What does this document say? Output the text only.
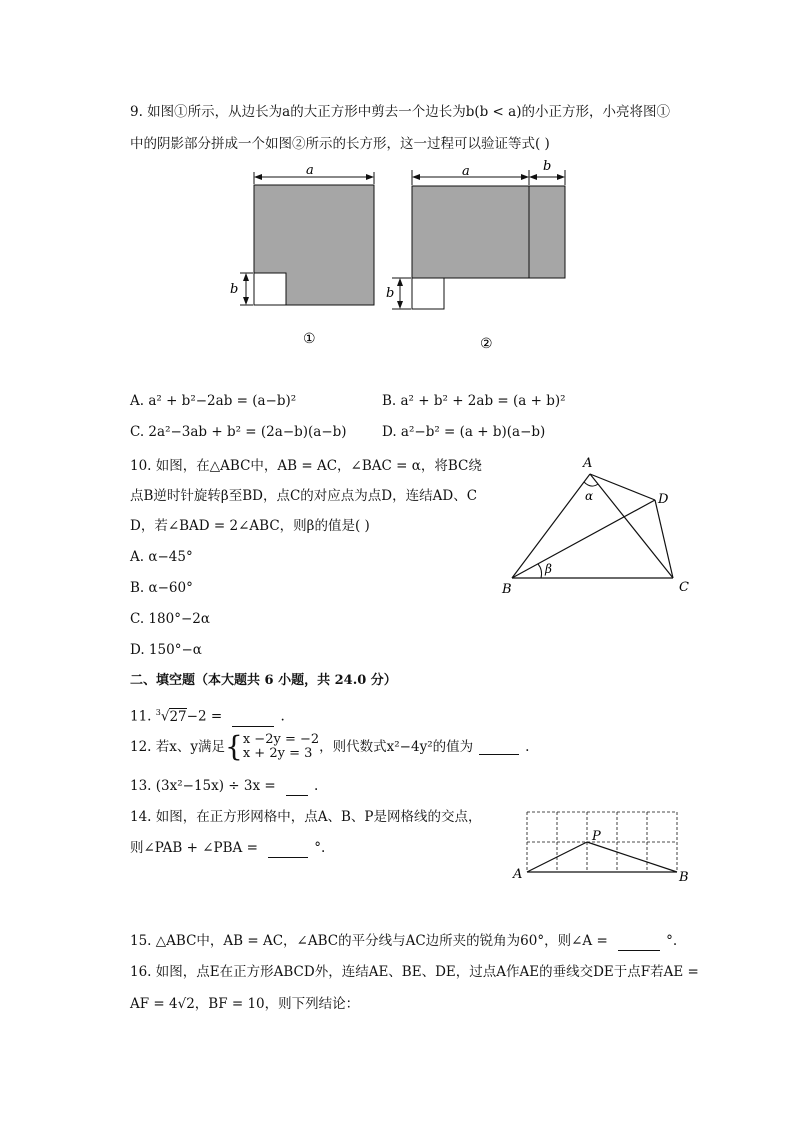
9. 如图①所示，从边长为a的大正方形中剪去一个边长为b(b < a)的小正方形，小亮将图①
中的阴影部分拼成一个如图②所示的长方形，这一过程可以验证等式( )
a
b
①
a	b
b
②
A. a² + b²−2ab = (a−b)²	B. a² + b² + 2ab = (a + b)²
C. 2a²−3ab + b² = (2a−b)(a−b)	D. a²−b² = (a + b)(a−b)
10. 如图，在△ABC中，AB = AC，∠BAC = α，将BC绕
点B逆时针旋转β至BD，点C的对应点为点D，连结AD、C
D，若∠BAD = 2∠ABC，则β的值是( )
A. α−45°
B. α−60°
C. 180°−2α
D. 150°−α
A
B	C
D
α
β
二、填空题（本大题共 6 小题，共 24.0 分）
11. $^3$√27−2 =	.
12. 若x、y满足{ x −2y = −2
x + 2y = 3 ，则代数式x²−4y²的值为	.
13. (3x²−15x) ÷ 3x =	.
14. 如图，在正方形网格中，点A、B、P是网格线的交点，
则∠PAB + ∠PBA =	°.
A	B
P
15. △ABC中，AB = AC，∠ABC的平分线与AC边所夹的锐角为60°，则∠A =	°.
16. 如图，点E在正方形ABCD外，连结AE、BE、DE，过点A作AE的垂线交DE于点F若AE =
AF = 4√2，BF = 10，则下列结论：
